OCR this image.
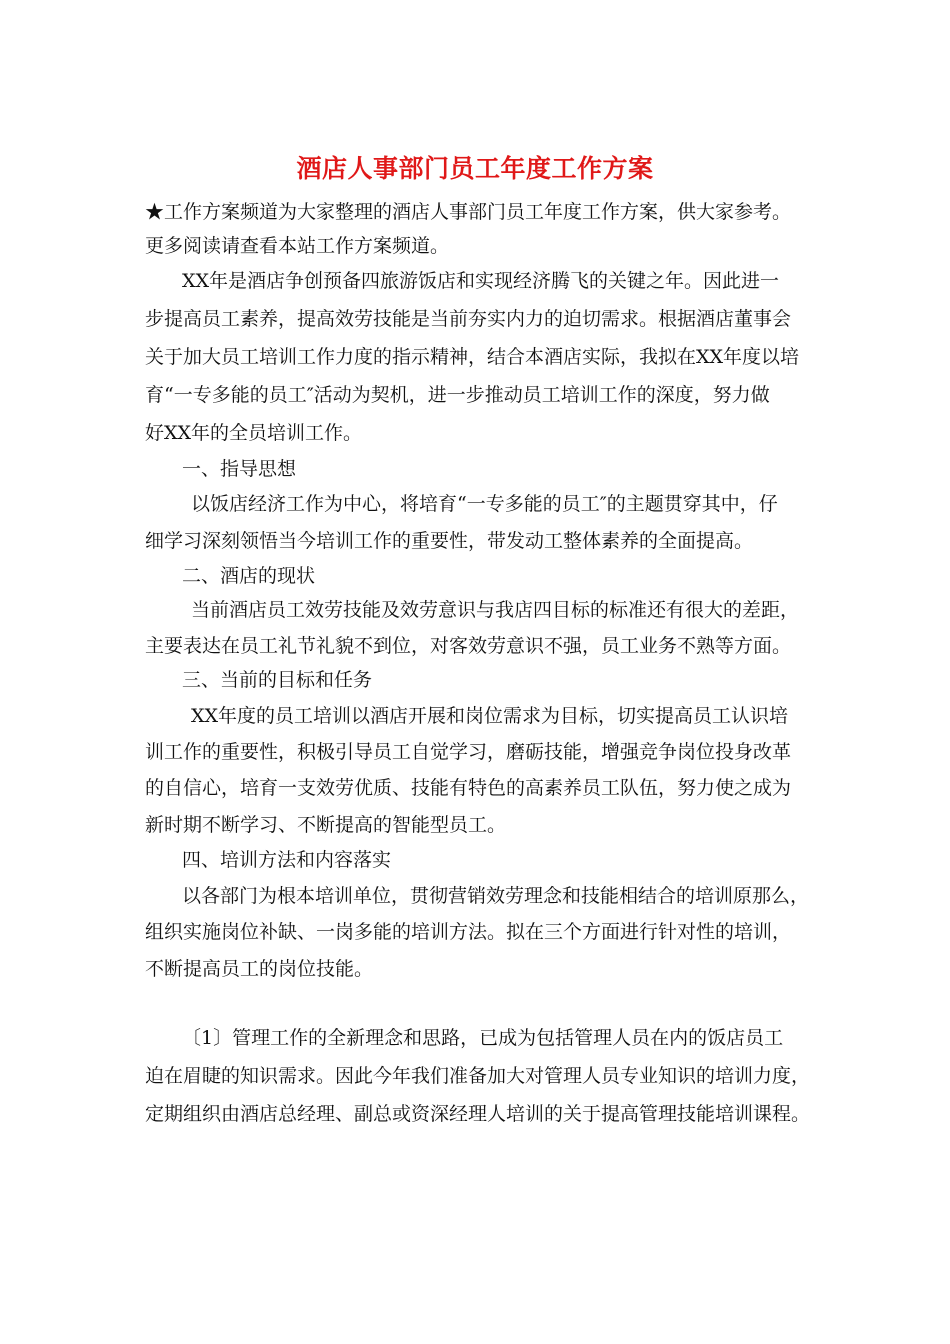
酒店人事部门员工年度工作方案
★工作方案频道为大家整理的酒店人事部门员工年度工作方案，供大家参考。
更多阅读请查看本站工作方案频道。
XX年是酒店争创预备四旅游饭店和实现经济腾飞的关键之年。因此进一
步提高员工素养，提高效劳技能是当前夯实内力的迫切需求。根据酒店董事会
关于加大员工培训工作力度的指示精神，结合本酒店实际，我拟在XX年度以培
育“一专多能的员工″活动为契机，进一步推动员工培训工作的深度，努力做
好XX年的全员培训工作。
一、指导思想
以饭店经济工作为中心，将培育“一专多能的员工″的主题贯穿其中，仔
细学习深刻领悟当今培训工作的重要性，带发动工整体素养的全面提高。
二、酒店的现状
当前酒店员工效劳技能及效劳意识与我店四目标的标准还有很大的差距，
主要表达在员工礼节礼貌不到位，对客效劳意识不强，员工业务不熟等方面。
三、当前的目标和任务
XX年度的员工培训以酒店开展和岗位需求为目标，切实提高员工认识培
训工作的重要性，积极引导员工自觉学习，磨砺技能，增强竞争岗位投身改革
的自信心，培育一支效劳优质、技能有特色的高素养员工队伍，努力使之成为
新时期不断学习、不断提高的智能型员工。
四、培训方法和内容落实
以各部门为根本培训单位，贯彻营销效劳理念和技能相结合的培训原那么，
组织实施岗位补缺、一岗多能的培训方法。拟在三个方面进行针对性的培训，
不断提高员工的岗位技能。
〔1〕管理工作的全新理念和思路，已成为包括管理人员在内的饭店员工
迫在眉睫的知识需求。因此今年我们准备加大对管理人员专业知识的培训力度，
定期组织由酒店总经理、副总或资深经理人培训的关于提高管理技能培训课程。
